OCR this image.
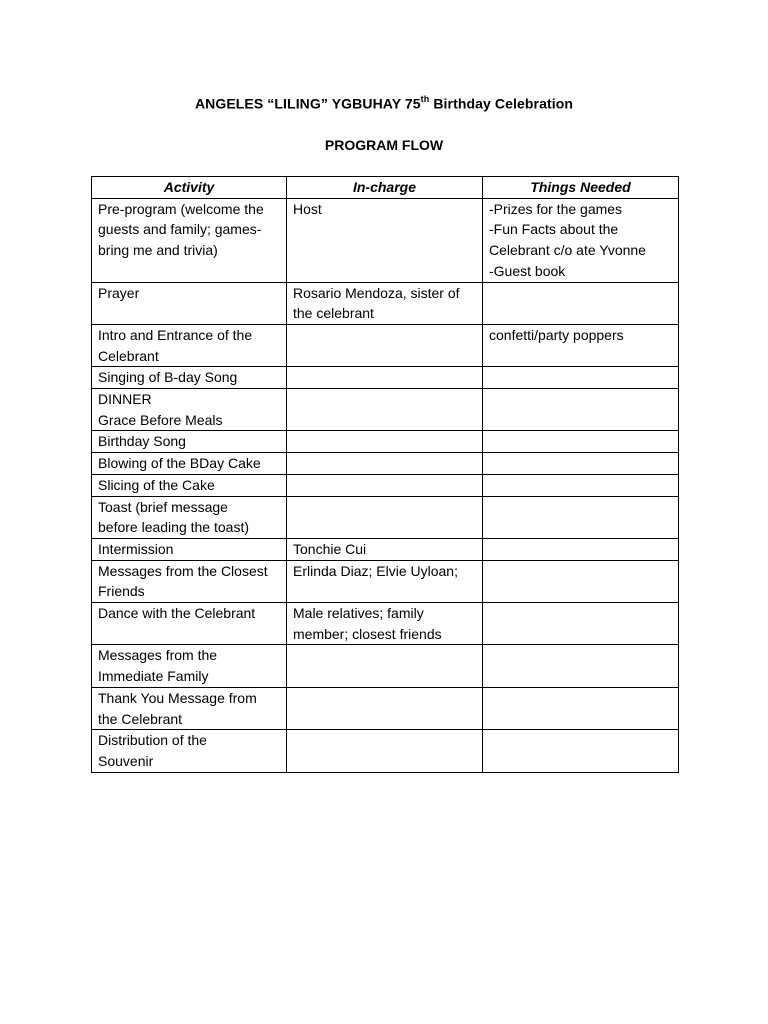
ANGELES “LILING” YGBUHAY 75th Birthday Celebration
PROGRAM FLOW
Activity	In-charge	Things Needed

Pre-program (welcome the
guests and family; games-
bring me and trivia)	Host	-Prizes for the games
-Fun Facts about the
Celebrant c/o ate Yvonne
-Guest book

Prayer	Rosario Mendoza, sister of
the celebrant	

Intro and Entrance of the
Celebrant		confetti/party poppers

Singing of B-day Song		

DINNER
Grace Before Meals		

Birthday Song		

Blowing of the BDay Cake		

Slicing of the Cake		

Toast (brief message
before leading the toast)		

Intermission	Tonchie Cui	

Messages from the Closest
Friends	Erlinda Diaz; Elvie Uyloan;	

Dance with the Celebrant	Male relatives; family
member; closest friends	

Messages from the
Immediate Family		

Thank You Message from
the Celebrant		

Distribution of the
Souvenir		
